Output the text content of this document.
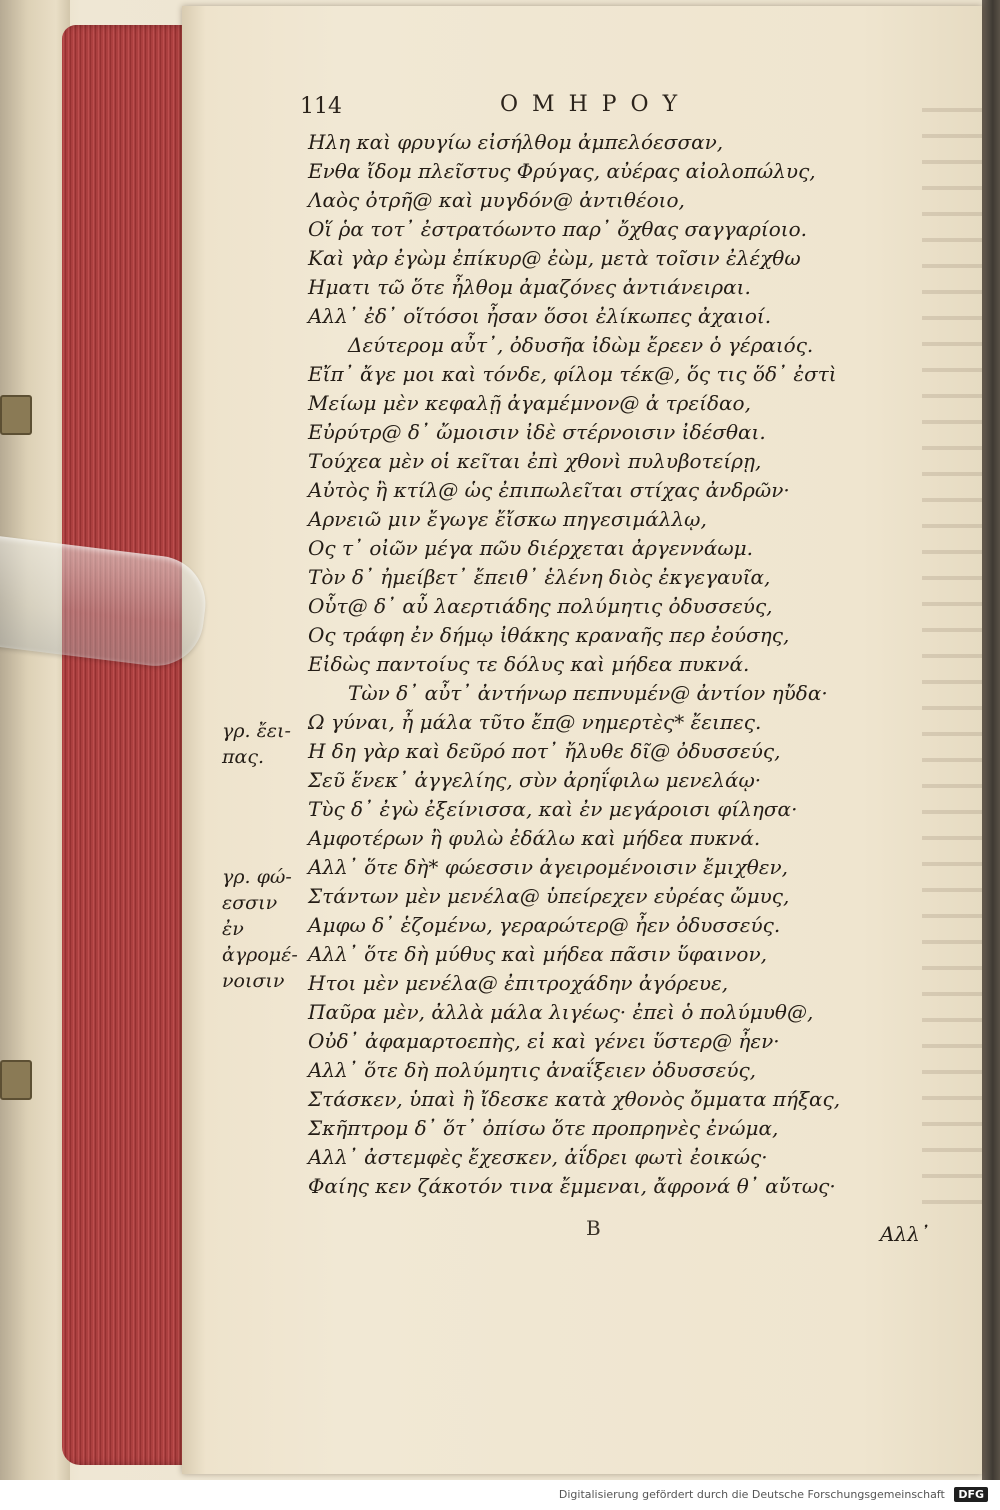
114	ΟΜΗΡΟΥ
Ηλη καὶ φρυγίω εἰσήλθομ ἀμπελόεσσαν,
Ενθα ἴδομ πλεῖστυς Φρύγας, αὐέρας αἰολοπώλυς,
Λαὸς ὀτρῆ@ καὶ μυγδόν@ ἀντιθέοιο,
Οἵ ῥα τοτ᾽ ἐστρατόωντο παρ᾽ ὄχθας σαγγαρίοιο.
Καὶ γὰρ ἐγὼμ ἐπίκυρ@ ἐὼμ, μετὰ τοῖσιν ἐλέχθω
Ηματι τῶ ὅτε ἦλθομ ἀμαζόνες ἀντιάνειραι.
Αλλ᾽ ἐδ᾽ οἵτόσοι ἦσαν ὅσοι ἐλίκωπες ἀχαιοί.
Δεύτερομ αὖτ᾽, ὀδυσῆα ἰδὼμ ἔρεεν ὁ γέραιός.
Εἴπ᾽ ἄγε μοι καὶ τόνδε, φίλομ τέκ@, ὅς τις ὅδ᾽ ἐστὶ
Μείωμ μὲν κεφαλῇ ἀγαμέμνον@ ἀ τρείδαο,
Εὐρύτρ@ δ᾽ ὤμοισιν ἰδὲ στέρνοισιν ἰδέσθαι.
Τούχεα μὲν οἱ κεῖται ἐπὶ χθονὶ πυλυβοτείρῃ,
Αὐτὸς ἢ κτίλ@ ὡς ἐπιπωλεῖται στίχας ἀνδρῶν·
Αρνειῶ μιν ἔγωγε ἔἴσκω πηγεσιμάλλῳ,
Ος τ᾽ οἰῶν μέγα πῶυ διέρχεται ἀργεννάωμ.
Τὸν δ᾽ ἠμείβετ᾽ ἔπειθ᾽ ἑλένη διὸς ἐκγεγαυῖα,
Οὗτ@ δ᾽ αὖ λαερτιάδης πολύμητις ὀδυσσεύς,
Ος τράφη ἐν δήμῳ ἰθάκης κραναῆς περ ἐούσης,
Εἰδὼς παντοίυς τε δόλυς καὶ μήδεα πυκνά.
Τὼν δ᾽ αὖτ᾽ ἀντήνωρ πεπνυμέν@ ἀντίον ηὔδα·
Ω γύναι, ἦ μάλα τῦτο ἔπ@ νημερτὲς* ἔειπες.
Η δη γὰρ καὶ δεῦρό ποτ᾽ ἤλυθε δῖ@ ὀδυσσεύς,
Σεῦ ἕνεκ᾽ ἀγγελίης, σὺν ἀρηΐφιλω μενελάῳ·
Τὺς δ᾽ ἐγὼ ἐξείνισσα, καὶ ἐν μεγάροισι φίλησα·
Αμφοτέρων ἢ φυλὼ ἐδάλω καὶ μήδεα πυκνά.
Αλλ᾽ ὅτε δὴ* φώεσσιν ἀγειρομένοισιν ἔμιχθεν,
Στάντων μὲν μενέλα@ ὑπείρεχεν εὐρέας ὤμυς,
Αμφω δ᾽ ἑζομένω, γεραρώτερ@ ἦεν ὀδυσσεύς.
Αλλ᾽ ὅτε δὴ μύθυς καὶ μήδεα πᾶσιν ὕφαινον,
Ητοι μὲν μενέλα@ ἐπιτροχάδην ἀγόρευε,
Παῦρα μὲν, ἀλλὰ μάλα λιγέως· ἐπεὶ ὁ πολύμυθ@,
Οὐδ᾽ ἀφαμαρτοεπὴς, εἰ καὶ γένει ὕστερ@ ἦεν·
Αλλ᾽ ὅτε δὴ πολύμητις ἀναΐξειεν ὀδυσσεύς,
Στάσκεν, ὑπαὶ ἢ ἴδεσκε κατὰ χθονὸς ὄμματα πήξας,
Σκῆπτρομ δ᾽ ὅτ᾽ ὀπίσω ὅτε προπρηνὲς ἐνώμα,
Αλλ᾽ ἀστεμφὲς ἔχεσκεν, ἀΐδρει φωτὶ ἐοικώς·
Φαίης κεν ζάκοτόν τινα ἔμμεναι, ἄφρονά θ᾽ αὔτως·
γρ. ἔει-
πας.
γρ. φώ-
εσσιν ἐν
ἀγρομέ-
νοισιν
B	Αλλ᾽
Digitalisierung gefördert durch die Deutsche Forschungsgemeinschaft DFG
